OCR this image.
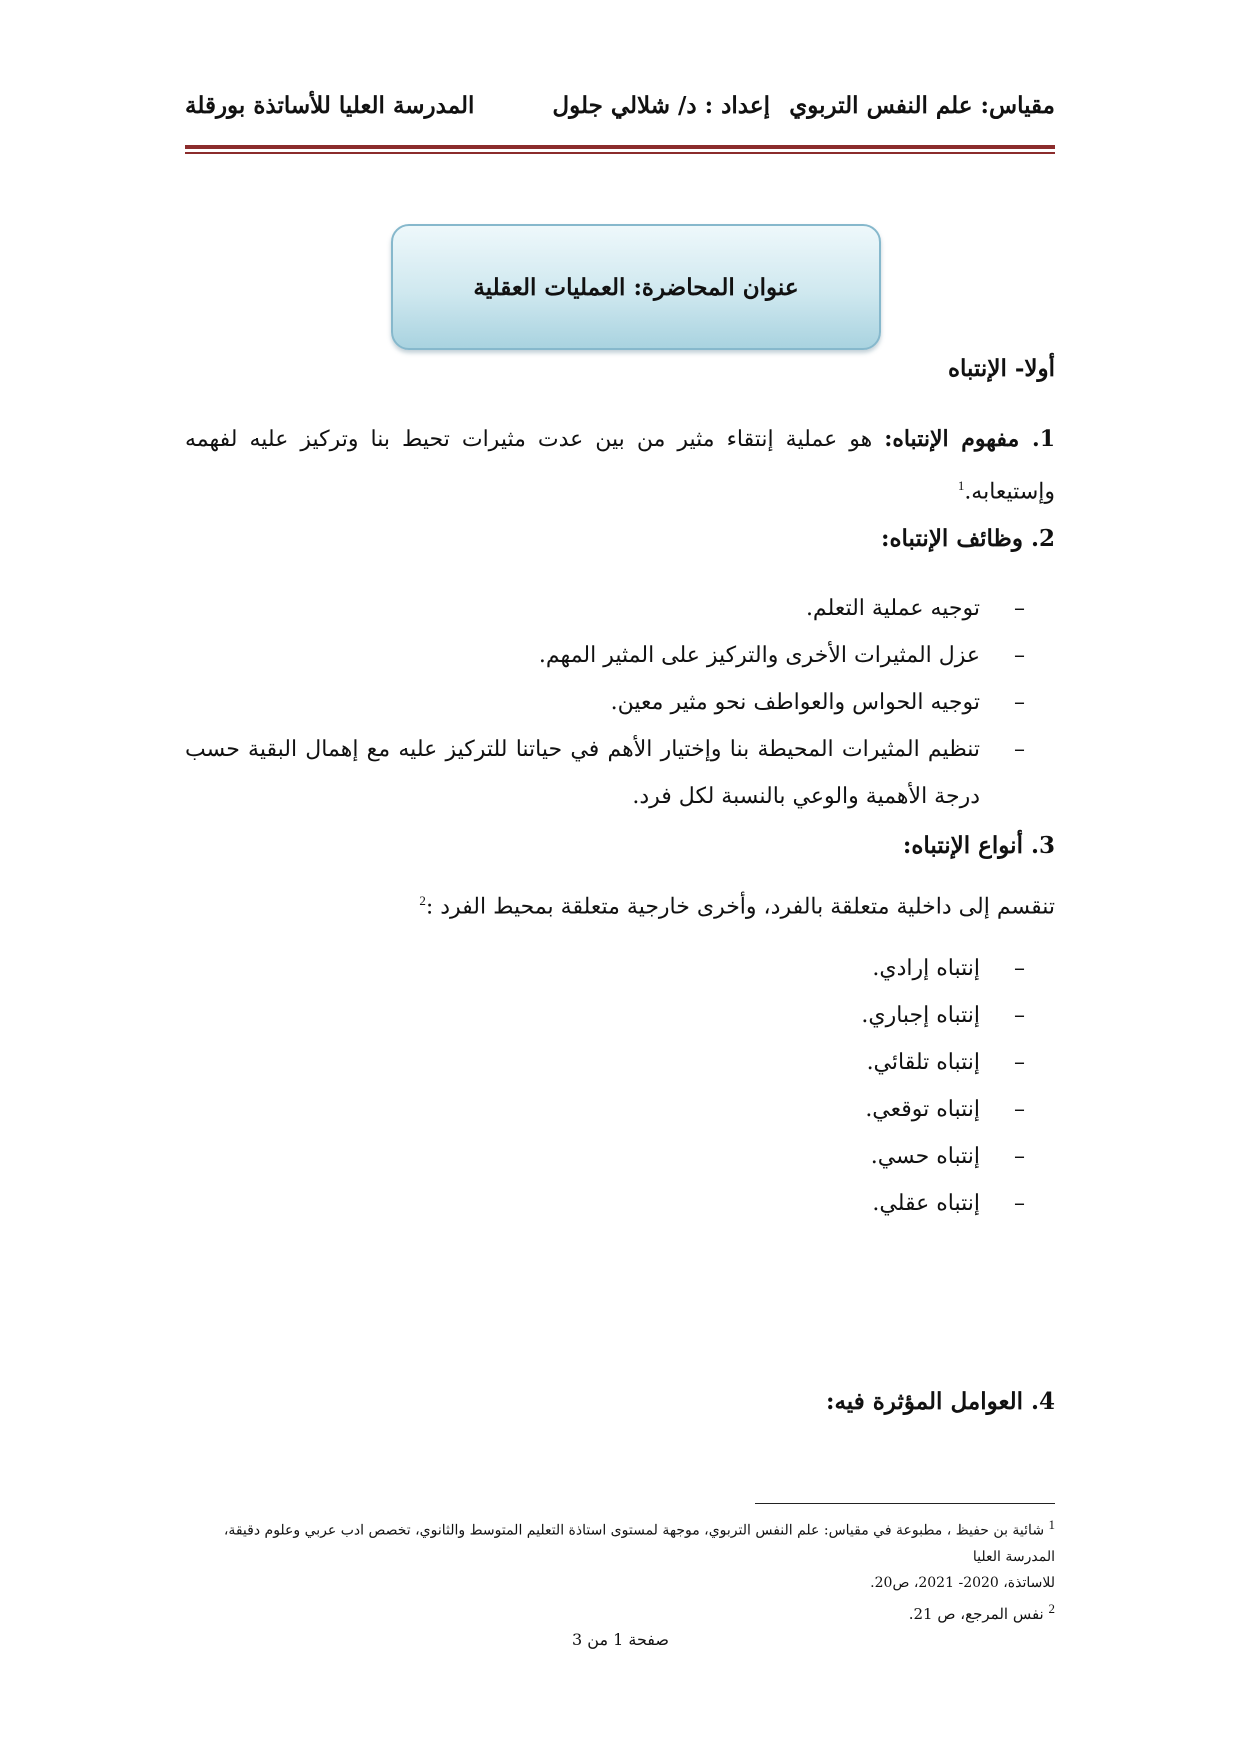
مقياس: علم النفس التربوي
إعداد : د/ شلالي جلول
المدرسة العليا للأساتذة بورقلة
عنوان المحاضرة: العمليات العقلية
أولا- الإنتباه
1. مفهوم الإنتباه: هو عملية إنتقاء مثير من بين عدت مثيرات تحيط بنا وتركيز عليه لفهمه وإستيعابه.$^1$
2. وظائف الإنتباه:
–
توجيه عملية التعلم.
–
عزل المثيرات الأخرى والتركيز على المثير المهم.
–
توجيه الحواس والعواطف نحو مثير معين.
–
تنظيم المثيرات المحيطة بنا وإختيار الأهم في حياتنا للتركيز عليه مع إهمال البقية حسب درجة الأهمية والوعي بالنسبة لكل فرد.
3. أنواع الإنتباه:
تنقسم إلى داخلية متعلقة بالفرد، وأخرى خارجية متعلقة بمحيط الفرد :$^2$
–
إنتباه إرادي.
–
إنتباه إجباري.
–
إنتباه تلقائي.
–
إنتباه توقعي.
–
إنتباه حسي.
–
إنتباه عقلي.
4. العوامل المؤثرة فيه:
$^1$ شائية بن حفيظ ، مطبوعة في مقياس: علم النفس التربوي، موجهة لمستوى استاذة التعليم المتوسط والثانوي، تخصص ادب عربي وعلوم دقيقة، المدرسة العليا
للاساتذة، 2020- 2021، ص20.
$^2$ نفس المرجع، ص 21.
صفحة 1 من 3
